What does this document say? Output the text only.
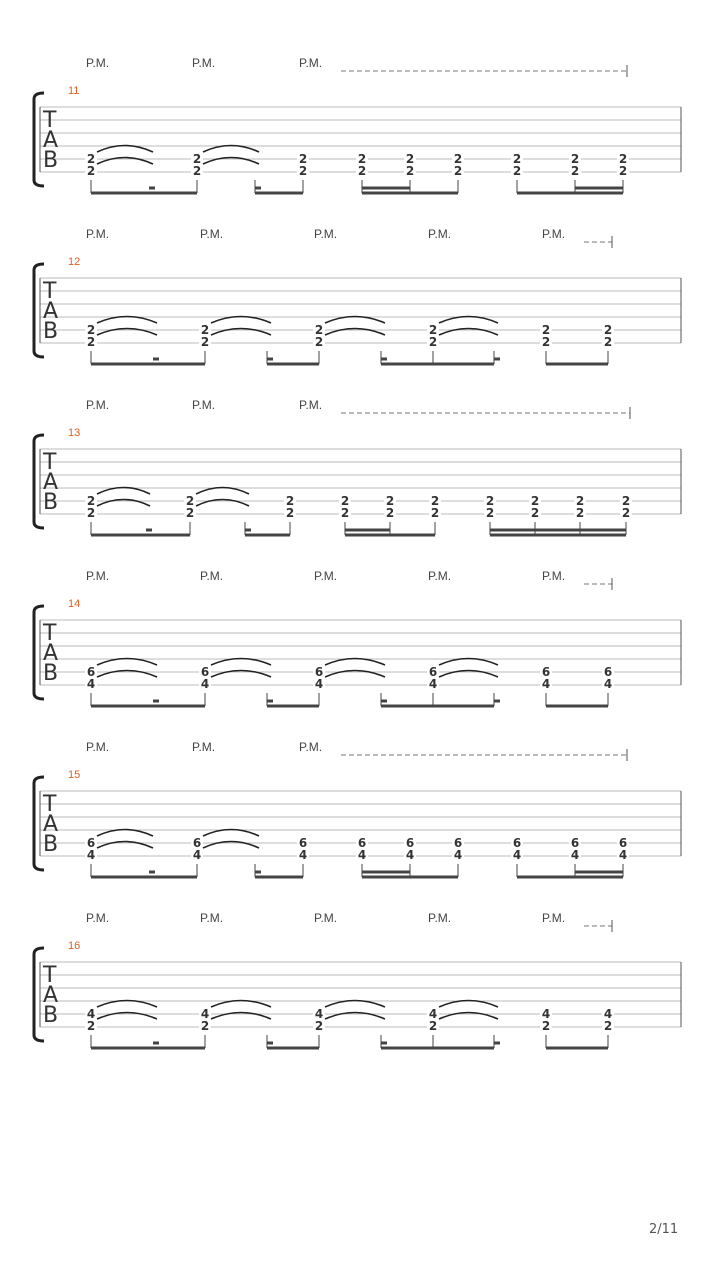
P.M.	P.M.	P.M.
11
T
A
B 2
2
2
2
2
2
2
2
2
2
2
2
2
2
2
2
2
2
P.M.	P.M.	P.M.	P.M.	P.M.
12
T
A
B 2
2
2
2
2
2
2
2
2
2
2
2
P.M.	P.M.	P.M.
13
T
A
B 2
2
2
2
2
2
2
2
2
2
2
2
2
2
2
2
2
2
2
2
P.M.	P.M.	P.M.	P.M.	P.M.
14
T
A
B 6
4
6
4
6
4
6
4
6
4
6
4
P.M.	P.M.	P.M.
15
T
A
B 6
4
6
4
6
4
6
4
6
4
6
4
6
4
6
4
6
4
P.M.	P.M.	P.M.	P.M.	P.M.
16
T
A
B 4
2
4
2
4
2
4
2
4
2
4
2
2/11
